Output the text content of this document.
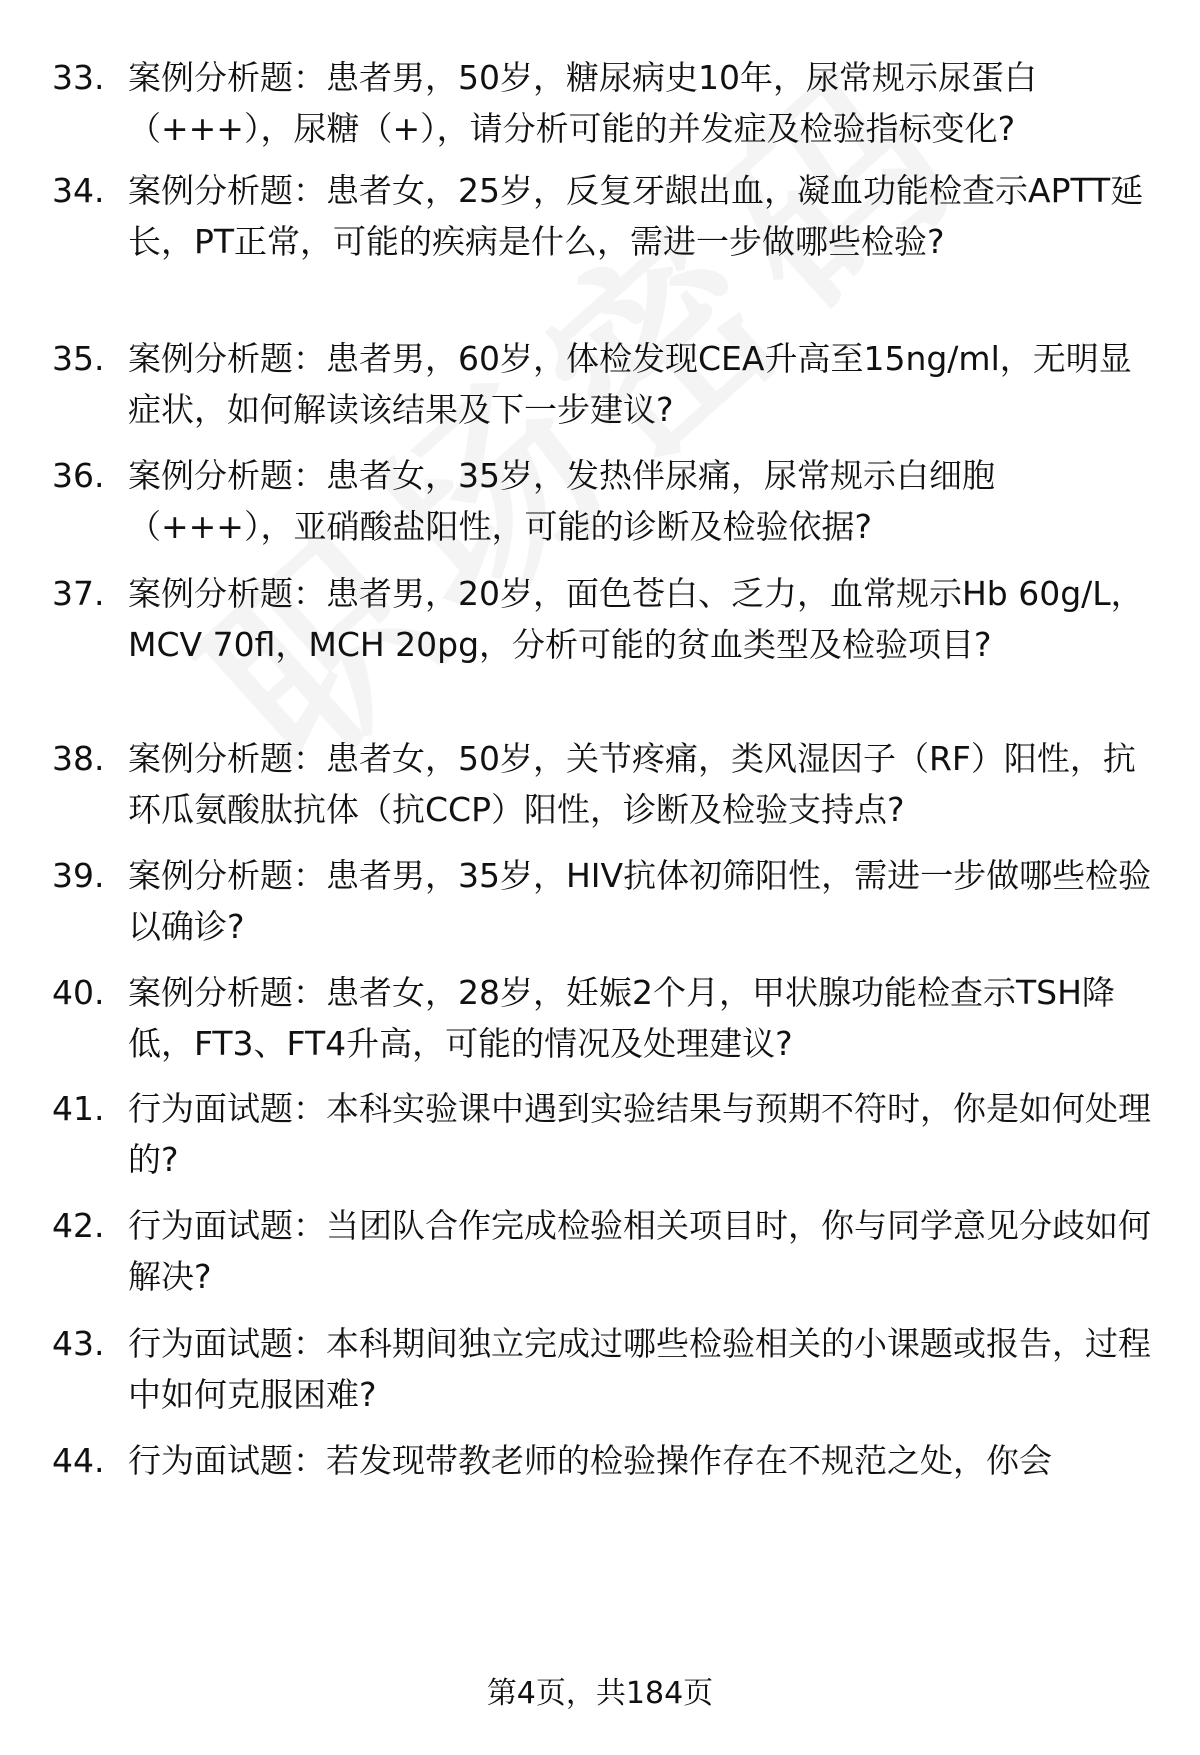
33. 案例分析题：患者男，50岁，糖尿病史10年，尿常规示尿蛋白（+++），尿糖（+），请分析可能的并发症及检验指标变化?
34. 案例分析题：患者女，25岁，反复牙龈出血，凝血功能检查示APTT延长，PT正常，可能的疾病是什么，需进一步做哪些检验?
35. 案例分析题：患者男，60岁，体检发现CEA升高至15ng/ml，无明显症状，如何解读该结果及下一步建议?
36. 案例分析题：患者女，35岁，发热伴尿痛，尿常规示白细胞（+++），亚硝酸盐阳性，可能的诊断及检验依据?
37. 案例分析题：患者男，20岁，面色苍白、乏力，血常规示Hb 60g/L，MCV 70fl，MCH 20pg，分析可能的贫血类型及检验项目?
38. 案例分析题：患者女，50岁，关节疼痛，类风湿因子（RF）阳性，抗环瓜氨酸肽抗体（抗CCP）阳性，诊断及检验支持点?
39. 案例分析题：患者男，35岁，HIV抗体初筛阳性，需进一步做哪些检验以确诊?
40. 案例分析题：患者女，28岁，妊娠2个月，甲状腺功能检查示TSH降低，FT3、FT4升高，可能的情况及处理建议?
41. 行为面试题：本科实验课中遇到实验结果与预期不符时，你是如何处理的?
42. 行为面试题：当团队合作完成检验相关项目时，你与同学意见分歧如何解决?
43. 行为面试题：本科期间独立完成过哪些检验相关的小课题或报告，过程中如何克服困难?
44. 行为面试题：若发现带教老师的检验操作存在不规范之处，你会
第4页，共184页
